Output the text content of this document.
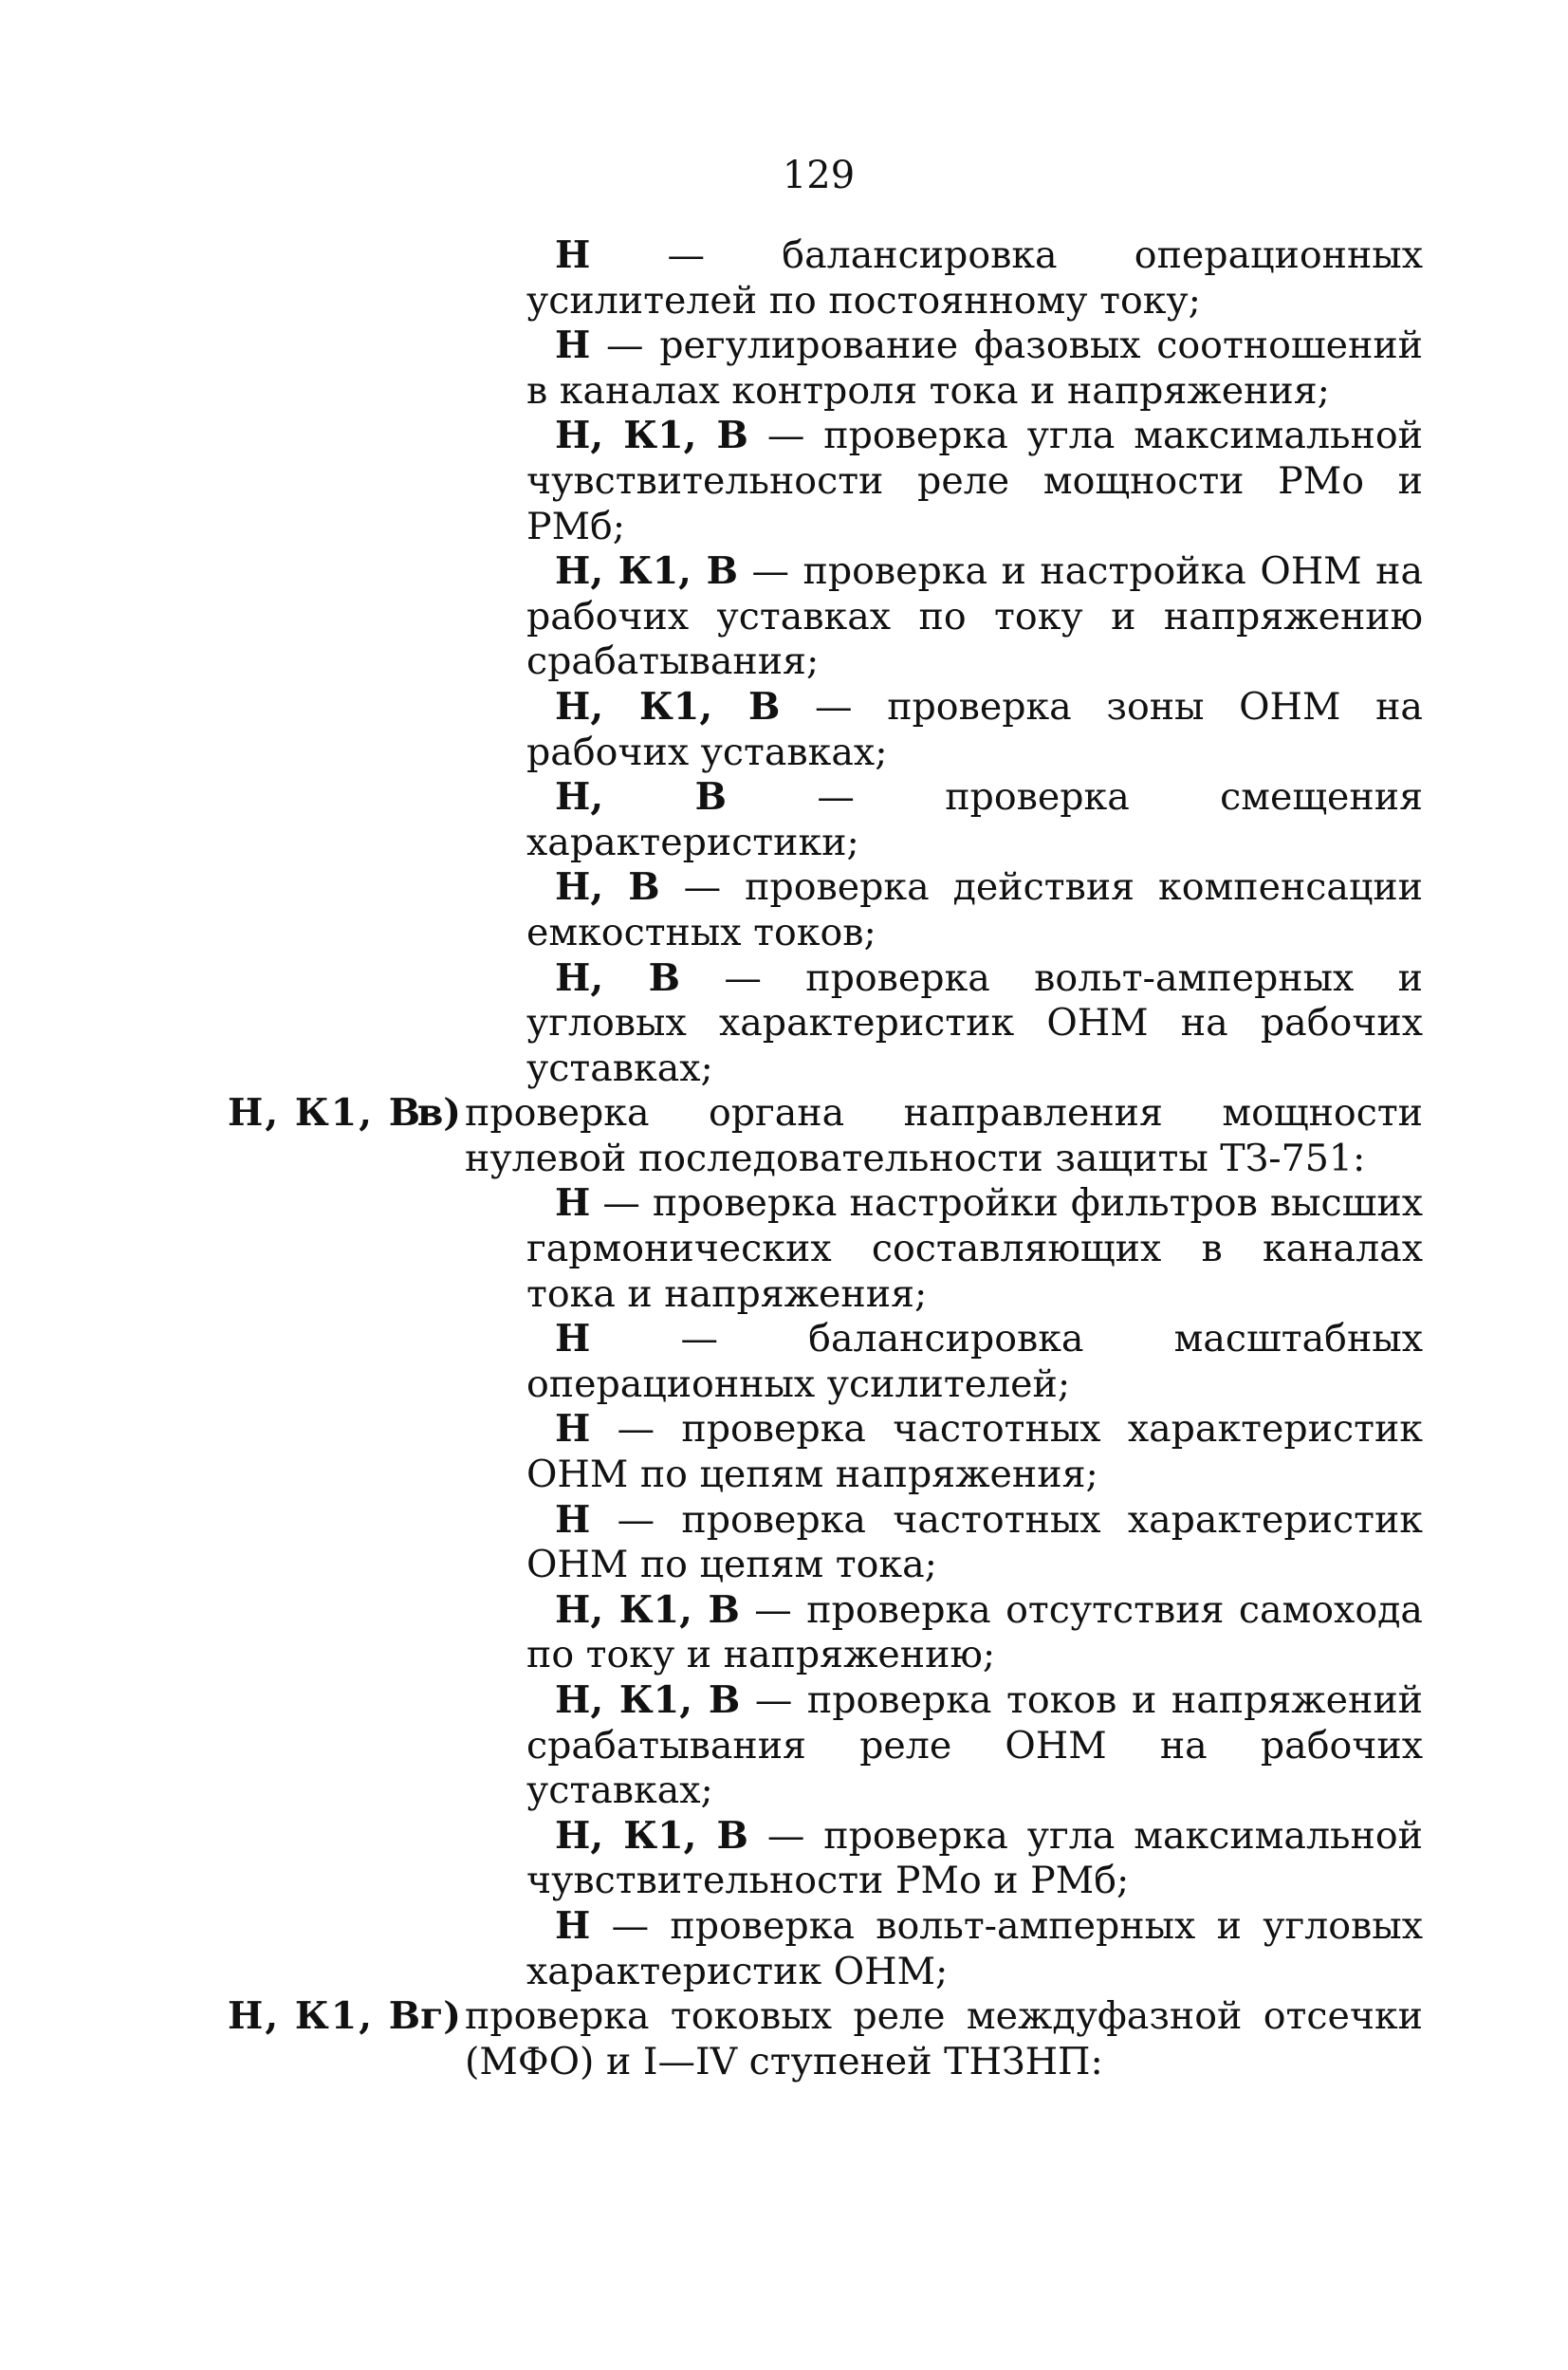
129
Н — балансировка операционных усилителей по постоянному току;
Н — регулирование фазовых соотношений в каналах контроля тока и напряжения;
Н, К1, В — проверка угла максимальной чувствительности реле мощности РМо и РМб;
Н, К1, В — проверка и настройка ОНМ на рабочих уставках по току и напряжению срабатывания;
Н, К1, В — проверка зоны ОНМ на рабочих уставках;
Н, В — проверка смещения характеристики;
Н, В — проверка действия компенсации емкостных токов;
Н, В — проверка вольт-амперных и угловых характеристик ОНМ на рабочих уставках;
Н, К1, В
в) проверка органа направления мощности нулевой последовательности защиты ТЗ-751:
Н — проверка настройки фильтров высших гармонических составляющих в каналах тока и напряжения;
Н — балансировка масштабных операционных усилителей;
Н — проверка частотных характеристик ОНМ по цепям напряжения;
Н — проверка частотных характеристик ОНМ по цепям тока;
Н, К1, В — проверка отсутствия самохода по току и напряжению;
Н, К1, В — проверка токов и напряжений срабатывания реле ОНМ на рабочих уставках;
Н, К1, В — проверка угла максимальной чувствительности РМо и РМб;
Н — проверка вольт-амперных и угловых характеристик ОНМ;
Н, К1, В
г) проверка токовых реле междуфазной отсечки (МФО) и I—IV ступеней ТНЗНП:
